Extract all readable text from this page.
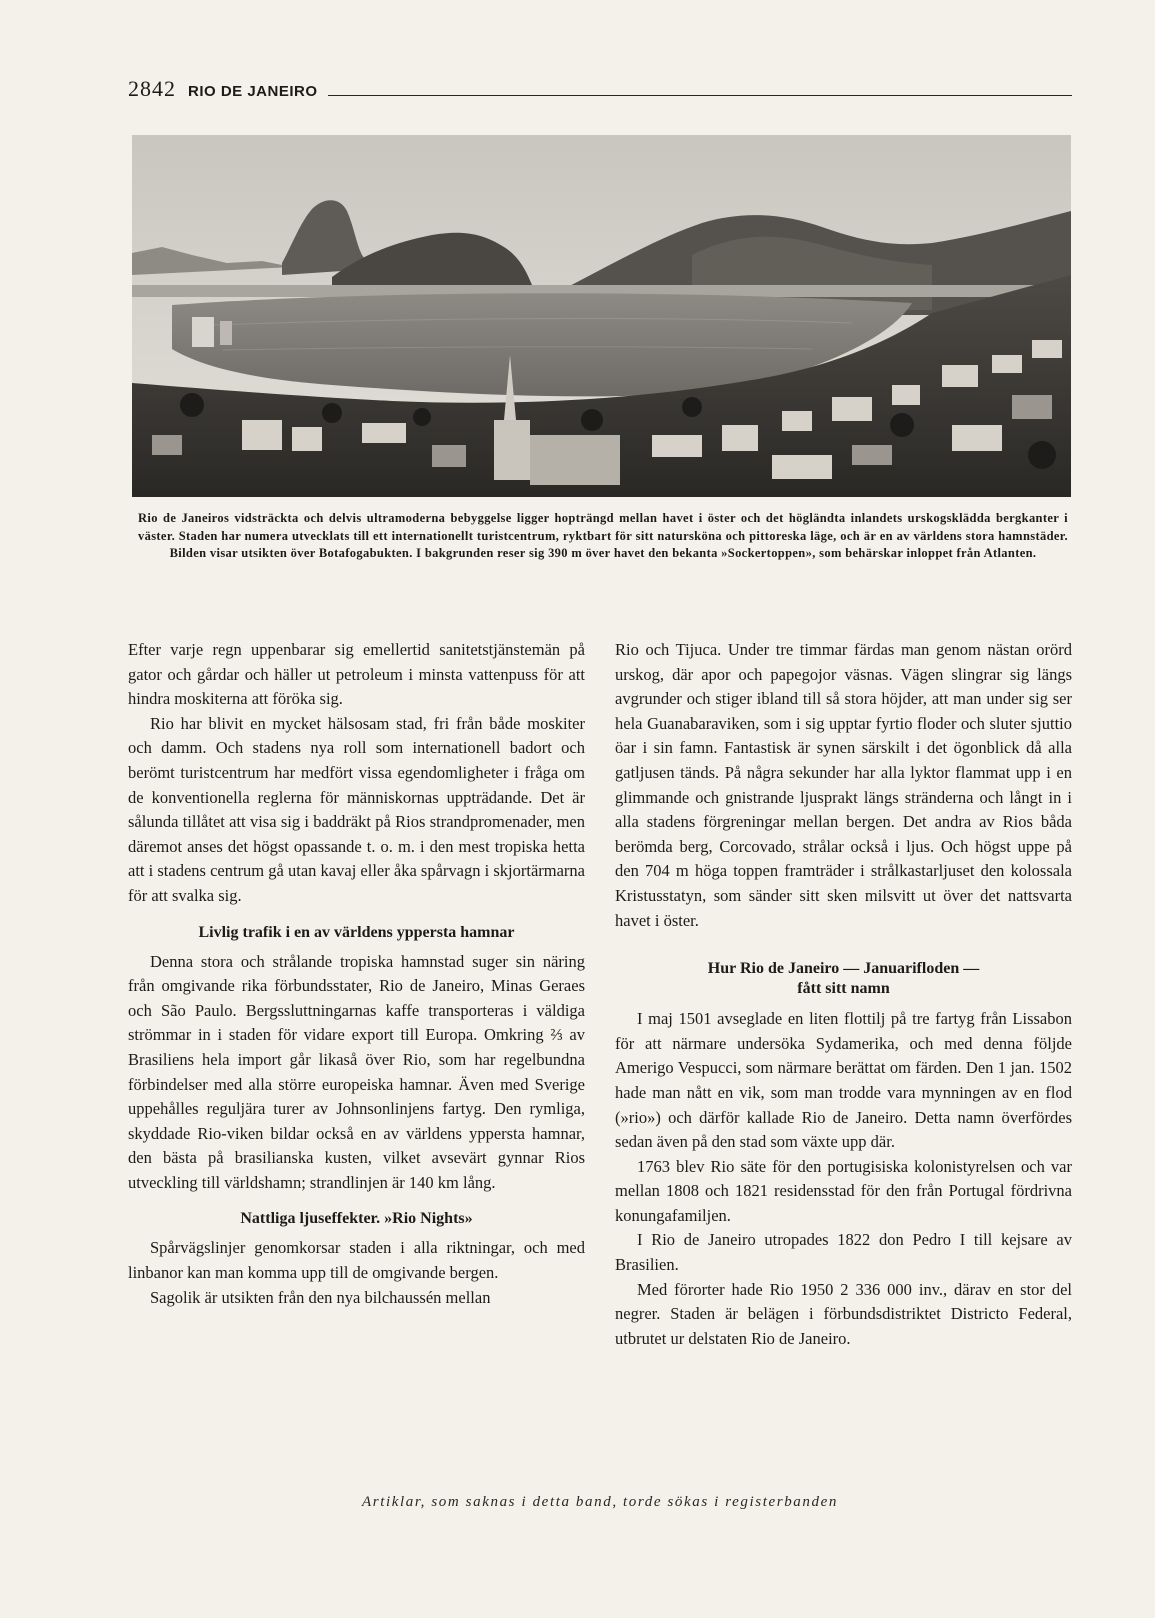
2842 RIO DE JANEIRO
Rio de Janeiros vidsträckta och delvis ultramoderna bebyggelse ligger hopträngd mellan havet i öster och det högländta inlandets urskogsklädda bergkanter i väster. Staden har numera utvecklats till ett internationellt turistcentrum, ryktbart för sitt natursköna och pittoreska läge, och är en av världens stora hamnstäder. Bilden visar utsikten över Botafogabukten. I bakgrunden reser sig 390 m över havet den bekanta »Sockertoppen», som behärskar inloppet från Atlanten.

Efter varje regn uppenbarar sig emellertid sanitetstjänstemän på gator och gårdar och häller ut petroleum i minsta vattenpuss för att hindra moskiterna att föröka sig.

Rio har blivit en mycket hälsosam stad, fri från både moskiter och damm. Och stadens nya roll som internationell badort och berömt turistcentrum har medfört vissa egendomligheter i fråga om de konventionella reglerna för människornas uppträdande. Det är sålunda tillåtet att visa sig i baddräkt på Rios strandpromenader, men däremot anses det högst opassande t. o. m. i den mest tropiska hetta att i stadens centrum gå utan kavaj eller åka spårvagn i skjortärmarna för att svalka sig.

Livlig trafik i en av världens yppersta hamnar

Denna stora och strålande tropiska hamnstad suger sin näring från omgivande rika förbundsstater, Rio de Janeiro, Minas Geraes och São Paulo. Bergssluttningarnas kaffe transporteras i väldiga strömmar in i staden för vidare export till Europa. Omkring ⅔ av Brasiliens hela import går likaså över Rio, som har regelbundna förbindelser med alla större europeiska hamnar. Även med Sverige uppehålles reguljära turer av Johnsonlinjens fartyg. Den rymliga, skyddade Rio-viken bildar också en av världens yppersta hamnar, den bästa på brasilianska kusten, vilket avsevärt gynnar Rios utveckling till världshamn; strandlinjen är 140 km lång.

Nattliga ljuseffekter. »Rio Nights»

Spårvägslinjer genomkorsar staden i alla riktningar, och med linbanor kan man komma upp till de omgivande bergen.

Sagolik är utsikten från den nya bilchaussén mellan

Rio och Tijuca. Under tre timmar färdas man genom nästan orörd urskog, där apor och papegojor väsnas. Vägen slingrar sig längs avgrunder och stiger ibland till så stora höjder, att man under sig ser hela Guanabaraviken, som i sig upptar fyrtio floder och sluter sjuttio öar i sin famn. Fantastisk är synen särskilt i det ögonblick då alla gatljusen tänds. På några sekunder har alla lyktor flammat upp i en glimmande och gnistrande ljusprakt längs stränderna och långt in i alla stadens förgreningar mellan bergen. Det andra av Rios båda berömda berg, Corcovado, strålar också i ljus. Och högst uppe på den 704 m höga toppen framträder i strålkastarljuset den kolossala Kristusstatyn, som sänder sitt sken milsvitt ut över det nattsvarta havet i öster.

Hur Rio de Janeiro — Januarifloden —
fått sitt namn

I maj 1501 avseglade en liten flottilj på tre fartyg från Lissabon för att närmare undersöka Sydamerika, och med denna följde Amerigo Vespucci, som närmare berättat om färden. Den 1 jan. 1502 hade man nått en vik, som man trodde vara mynningen av en flod (»rio») och därför kallade Rio de Janeiro. Detta namn överfördes sedan även på den stad som växte upp där.

1763 blev Rio säte för den portugisiska kolonistyrelsen och var mellan 1808 och 1821 residensstad för den från Portugal fördrivna konungafamiljen.

I Rio de Janeiro utropades 1822 don Pedro I till kejsare av Brasilien.

Med förorter hade Rio 1950 2 336 000 inv., därav en stor del negrer. Staden är belägen i förbundsdistriktet Districto Federal, utbrutet ur delstaten Rio de Janeiro.

Artiklar, som saknas i detta band, torde sökas i registerbanden
